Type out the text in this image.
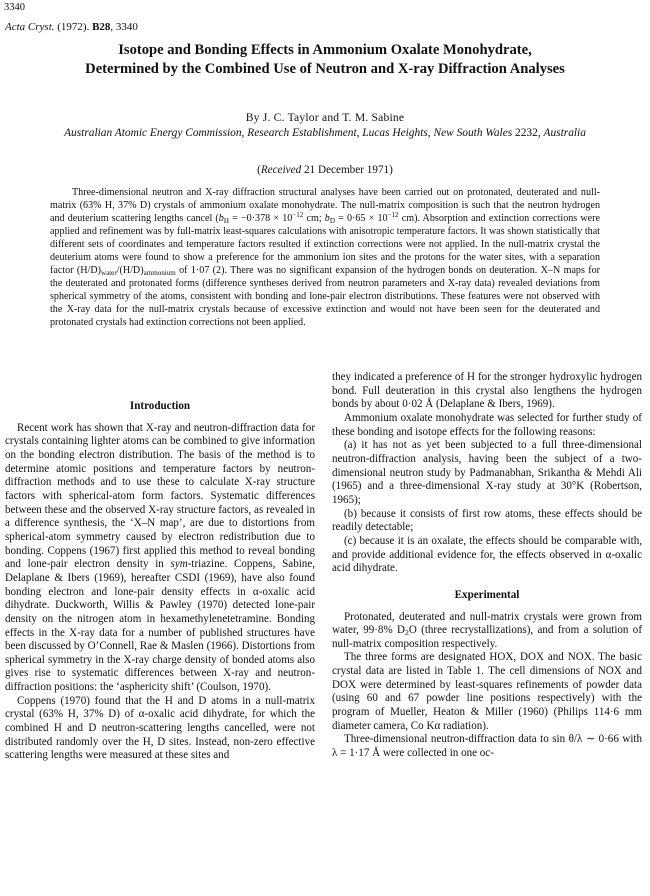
3340
Acta Cryst. (1972). B28, 3340
Isotope and Bonding Effects in Ammonium Oxalate Monohydrate,
Determined by the Combined Use of Neutron and X-ray Diffraction Analyses
By J. C. Taylor and T. M. Sabine
Australian Atomic Energy Commission, Research Establishment, Lucas Heights, New South Wales 2232, Australia
(Received 21 December 1971)

Three-dimensional neutron and X-ray diffraction structural analyses have been carried out on protonated, deuterated and null-matrix (63% H, 37% D) crystals of ammonium oxalate monohydrate. The null-matrix composition is such that the neutron hydrogen and deuterium scattering lengths cancel ($b_H = -0\cdot 378 \times 10^{-12}$ cm; $b_D = 0\cdot 65 \times 10^{-12}$ cm). Absorption and extinction corrections were applied and refinement was by full-matrix least-squares calculations with anisotropic temperature factors. It was shown statistically that different sets of coordinates and temperature factors resulted if extinction corrections were not applied. In the null-matrix crystal the deuterium atoms were found to show a preference for the ammonium ion sites and the protons for the water sites, with a separation factor $(H/D)_{water}/(H/D)_{ammonium}$ of 1·07 (2). There was no significant expansion of the hydrogen bonds on deuteration. X–N maps for the deuterated and protonated forms (difference syntheses derived from neutron parameters and X-ray data) revealed deviations from spherical symmetry of the atoms, consistent with bonding and lone-pair electron distributions. These features were not observed with the X-ray data for the null-matrix crystals because of excessive extinction and would not have been seen for the deuterated and protonated crystals had extinction corrections not been applied.

Introduction

Recent work has shown that X-ray and neutron-diffraction data for crystals containing lighter atoms can be combined to give information on the bonding electron distribution. The basis of the method is to determine atomic positions and temperature factors by neutron-diffraction methods and to use these to calculate X-ray structure factors with spherical-atom form factors. Systematic differences between these and the observed X-ray structure factors, as revealed in a difference synthesis, the ‘X–N map’, are due to distortions from spherical-atom symmetry caused by electron redistribution due to bonding. Coppens (1967) first applied this method to reveal bonding and lone-pair electron density in sym-triazine. Coppens, Sabine, Delaplane & Ibers (1969), hereafter CSDI (1969), have also found bonding electron and lone-pair density effects in α-oxalic acid dihydrate. Duckworth, Willis & Pawley (1970) detected lone-pair density on the nitrogen atom in hexamethylenetetramine. Bonding effects in the X-ray data for a number of published structures have been discussed by O’Connell, Rae & Maslen (1966). Distortions from spherical symmetry in the X-ray charge density of bonded atoms also gives rise to systematic differences between X-ray and neutron-diffraction positions: the ‘asphericity shift’ (Coulson, 1970).

Coppens (1970) found that the H and D atoms in a null-matrix crystal (63% H, 37% D) of α-oxalic acid dihydrate, for which the combined H and D neutron-scattering lengths cancelled, were not distributed randomly over the H, D sites. Instead, non-zero effective scattering lengths were measured at these sites and

they indicated a preference of H for the stronger hydroxylic hydrogen bond. Full deuteration in this crystal also lengthens the hydrogen bonds by about 0·02 Å (Delaplane & Ibers, 1969).

Ammonium oxalate monohydrate was selected for further study of these bonding and isotope effects for the following reasons:

(a) it has not as yet been subjected to a full three-dimensional neutron-diffraction analysis, having been the subject of a two-dimensional neutron study by Padmanabhan, Srikantha & Mehdi Ali (1965) and a three-dimensional X-ray study at 30°K (Robertson, 1965);

(b) because it consists of first row atoms, these effects should be readily detectable;

(c) because it is an oxalate, the effects should be comparable with, and provide additional evidence for, the effects observed in α-oxalic acid dihydrate.

Experimental

Protonated, deuterated and null-matrix crystals were grown from water, 99·8% $D_2O$ (three recrystallizations), and from a solution of null-matrix composition respectively.

The three forms are designated HOX, DOX and NOX. The basic crystal data are listed in Table 1. The cell dimensions of NOX and DOX were determined by least-squares refinements of powder data (using 60 and 67 powder line positions respectively) with the program of Mueller, Heaton & Miller (1960) (Philips 114·6 mm diameter camera, Co Kα radiation).

Three-dimensional neutron-diffraction data to sin θ/λ ∼ 0·66 with λ = 1·17 Å were collected in one oc-
